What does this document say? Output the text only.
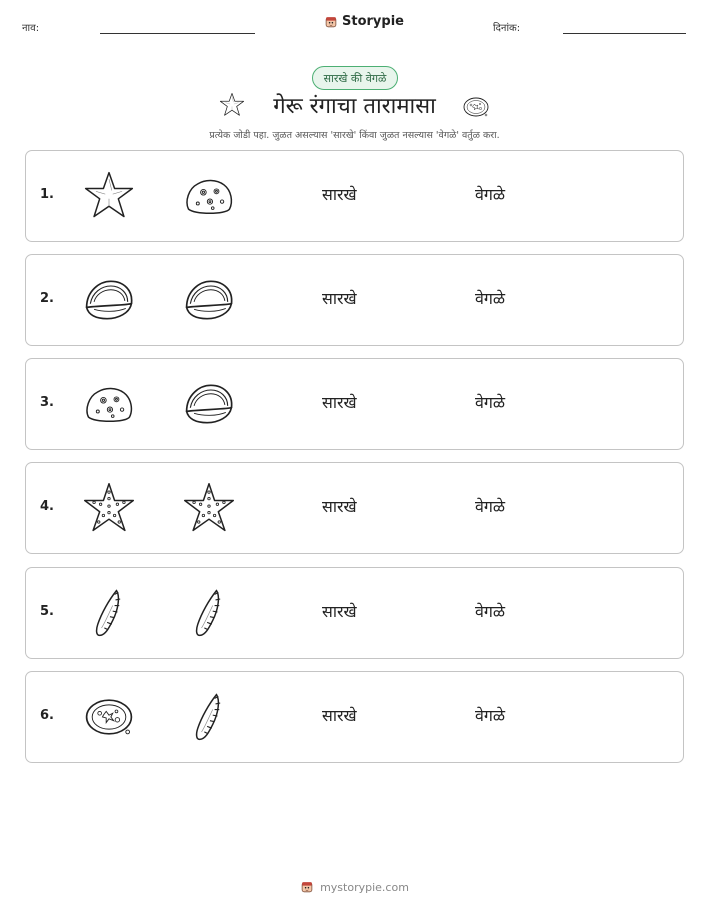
नाव:	Storypie	दिनांक:
सारखे की वेगळे
गेरू रंगाचा तारामासा
प्रत्येक जोडी पहा. जुळत असल्यास 'सारखे' किंवा जुळत नसल्यास 'वेगळे' वर्तुळ करा.
1.	सारखे	वेगळे
2.	सारखे	वेगळे
3.	सारखे	वेगळे
4.	सारखे	वेगळे
5.	सारखे	वेगळे
6.	सारखे	वेगळे
mystorypie.com
